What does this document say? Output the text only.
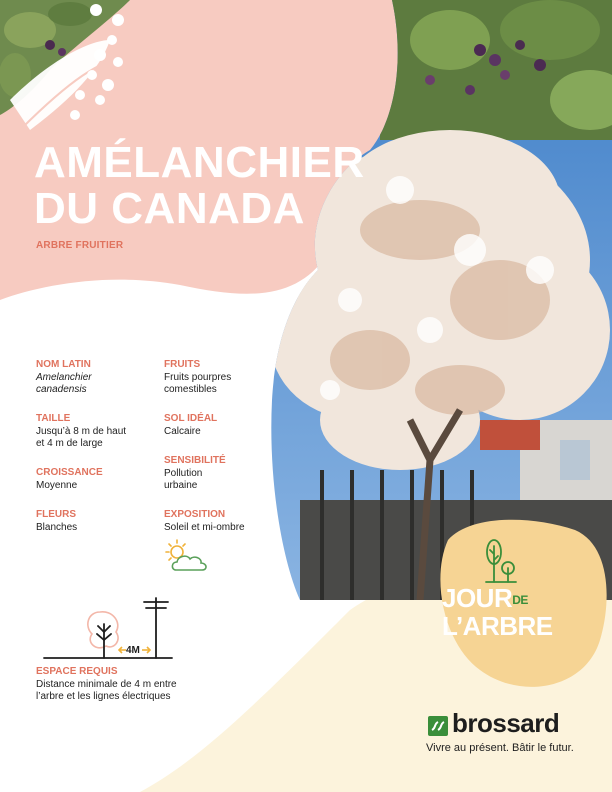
AMÉLANCHIER
DU CANADA
ARBRE FRUITIER
NOM LATIN
Amelanchier
canadensis
TAILLE
Jusqu’à 8 m de haut
et 4 m de large
CROISSANCE
Moyenne
FLEURS
Blanches
FRUITS
Fruits pourpres
comestibles
SOL IDÉAL
Calcaire
SENSIBILITÉ
Pollution
urbaine
EXPOSITION
Soleil et mi-ombre
4M
ESPACE REQUIS
Distance minimale de 4 m entre
l’arbre et les lignes électriques
$JOUR^{DE}$
L’ARBRE
brossard
Vivre au présent. Bâtir le futur.
